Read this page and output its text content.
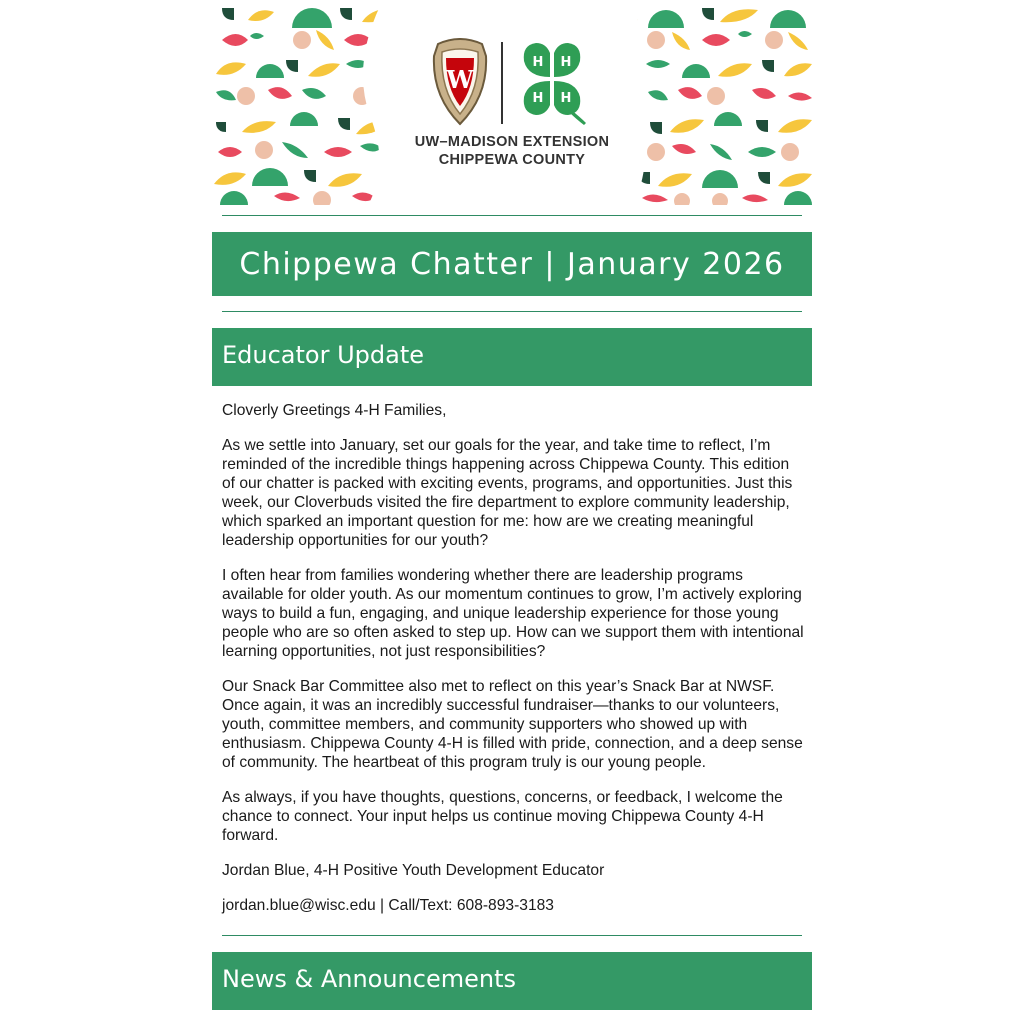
W
H H
H H
UW–MADISON EXTENSION
CHIPPEWA COUNTY
Chippewa Chatter | January 2026
Educator Update

Cloverly Greetings 4-H Families,

As we settle into January, set our goals for the year, and take time to reflect, I’m reminded of the incredible things happening across Chippewa County. This edition of our chatter is packed with exciting events, programs, and opportunities. Just this week, our Cloverbuds visited the fire department to explore community leadership, which sparked an important question for me: how are we creating meaningful leadership opportunities for our youth?

I often hear from families wondering whether there are leadership programs available for older youth. As our momentum continues to grow, I’m actively exploring ways to build a fun, engaging, and unique leadership experience for those young people who are so often asked to step up. How can we support them with intentional learning opportunities, not just responsibilities?

Our Snack Bar Committee also met to reflect on this year’s Snack Bar at NWSF. Once again, it was an incredibly successful fundraiser—thanks to our volunteers, youth, committee members, and community supporters who showed up with enthusiasm. Chippewa County 4-H is filled with pride, connection, and a deep sense of community. The heartbeat of this program truly is our young people.

As always, if you have thoughts, questions, concerns, or feedback, I welcome the chance to connect. Your input helps us continue moving Chippewa County 4-H forward.

Jordan Blue, 4-H Positive Youth Development Educator

jordan.blue@wisc.edu | Call/Text: 608-893-3183

News & Announcements
